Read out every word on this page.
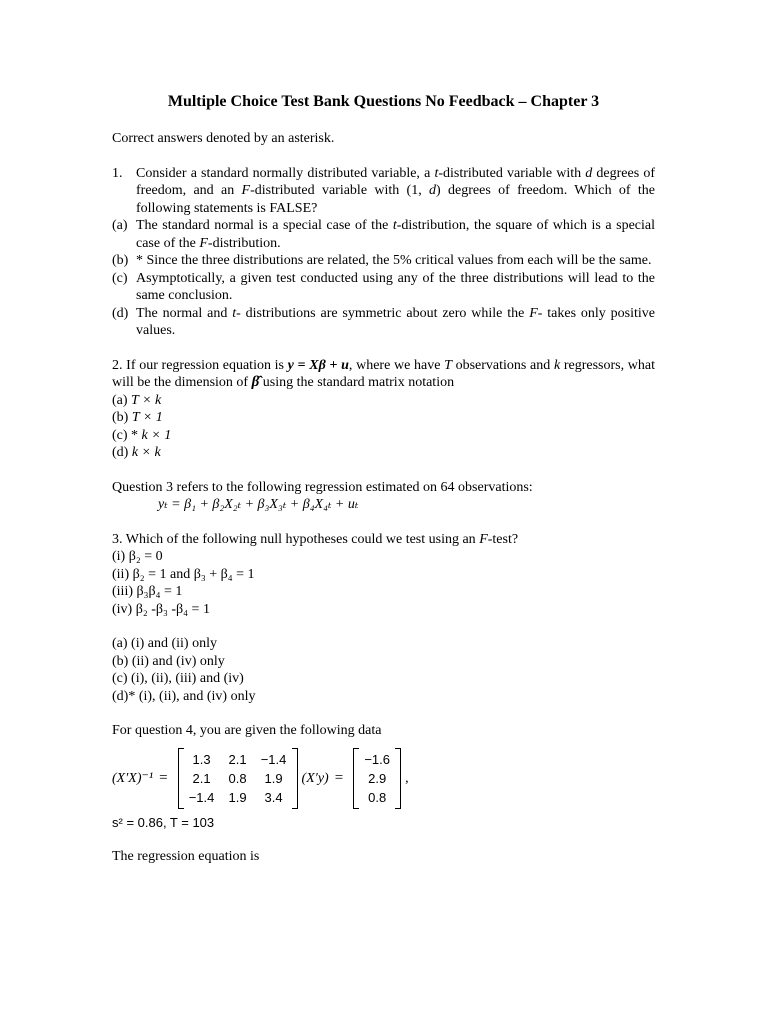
Multiple Choice Test Bank Questions No Feedback – Chapter 3

Correct answers denoted by an asterisk.

1. Consider a standard normally distributed variable, a t-distributed variable with d degrees of freedom, and an F-distributed variable with (1, d) degrees of freedom. Which of the following statements is FALSE?
(a) The standard normal is a special case of the t-distribution, the square of which is a special case of the F-distribution.
(b) * Since the three distributions are related, the 5% critical values from each will be the same.
(c) Asymptotically, a given test conducted using any of the three distributions will lead to the same conclusion.
(d) The normal and t- distributions are symmetric about zero while the F- takes only positive values.

2. If our regression equation is y = Xβ + u, where we have T observations and k regressors, what will be the dimension of β̂ using the standard matrix notation

(a) T × k

(b) T × 1

(c) * k × 1

(d) k × k

Question 3 refers to the following regression estimated on 64 observations:

yₜ = β₁ + β₂X₂ₜ + β₃X₃ₜ + β₄X₄ₜ + uₜ

3. Which of the following null hypotheses could we test using an F-test?

(i) β₂ = 0

(ii) β₂ = 1 and β₃ + β₄ = 1

(iii) β₃β₄ = 1

(iv) β₂ -β₃ -β₄ = 1

(a) (i) and (ii) only

(b) (ii) and (iv) only

(c) (i), (ii), (iii) and (iv)

(d)* (i), (ii), and (iv) only

For question 4, you are given the following data

(X′X)⁻¹ =
1.3	2.1	−1.4
2.1	0.8	1.9
−1.4	1.9	3.4
(X′y) =
−1.6
2.9
0.8
,

s² = 0.86, T = 103

The regression equation is
